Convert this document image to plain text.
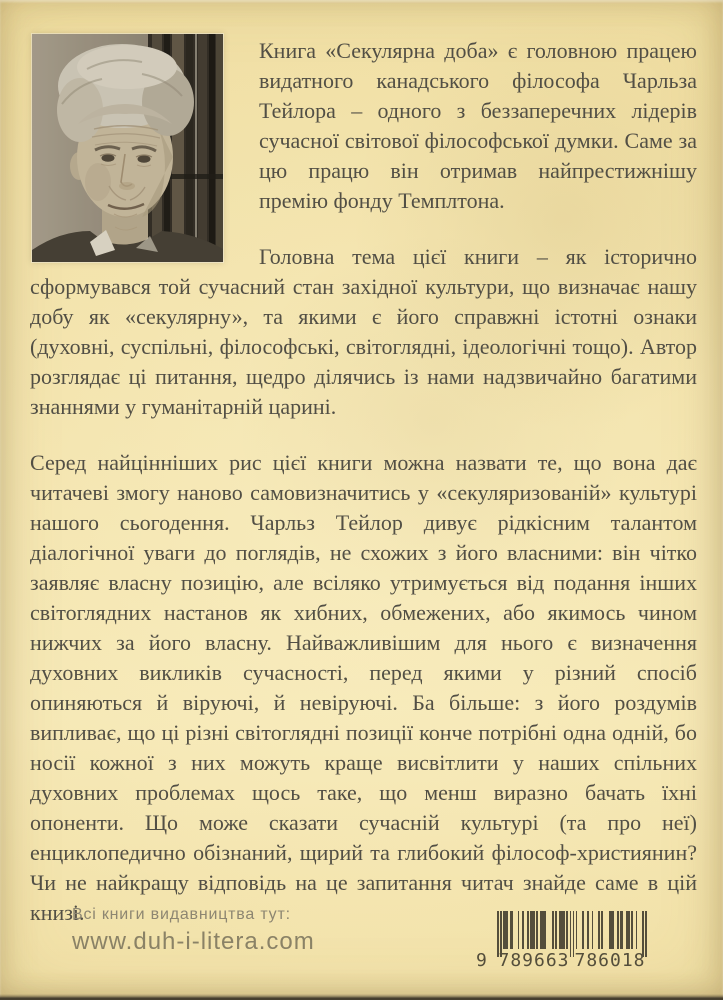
Книга «Секулярна доба» є головною працею видатного канадського філософа Чарльза Тейлора – одного з беззаперечних лідерів сучасної світової філософської думки. Саме за цю працю він отримав найпрестижнішу премію фонду Темплтона.

Головна тема цієї книги – як історично сформувався той сучасний стан західної культури, що визначає нашу добу як «секулярну», та якими є його справжні істотні ознаки (духовні, суспільні, філософські, світоглядні, ідеологічні тощо). Автор розглядає ці питання, щедро ділячись із нами надзвичайно багатими знаннями у гуманітарній царині.

Серед найцінніших рис цієї книги можна назвати те, що вона дає читачеві змогу наново самовизначитись у «секуляризованій» культурі нашого сьогодення. Чарльз Тейлор дивує рідкісним талантом діалогічної уваги до поглядів, не схожих з його власними: він чітко заявляє власну позицію, але всіляко утримується від подання інших світоглядних настанов як хибних, обмежених, або якимось чином нижчих за його власну. Найважливішим для нього є визначення духовних викликів сучасності, перед якими у різний спосіб опиняються й віруючі, й невіруючі. Ба більше: з його роздумів випливає, що ці різні світоглядні позиції конче потрібні одна одній, бо носії кожної з них можуть краще висвітлити у наших спільних духовних проблемах щось таке, що менш виразно бачать їхні опоненти. Що може сказати сучасній культурі (та про неї) енциклопедично обізнаний, щирий та глибокий філософ-християнин? Чи не найкращу відповідь на це запитання читач знайде саме в цій книзі.

Всі книги видавництва тут:
www.duh-i-litera.com
9 789663 786018
